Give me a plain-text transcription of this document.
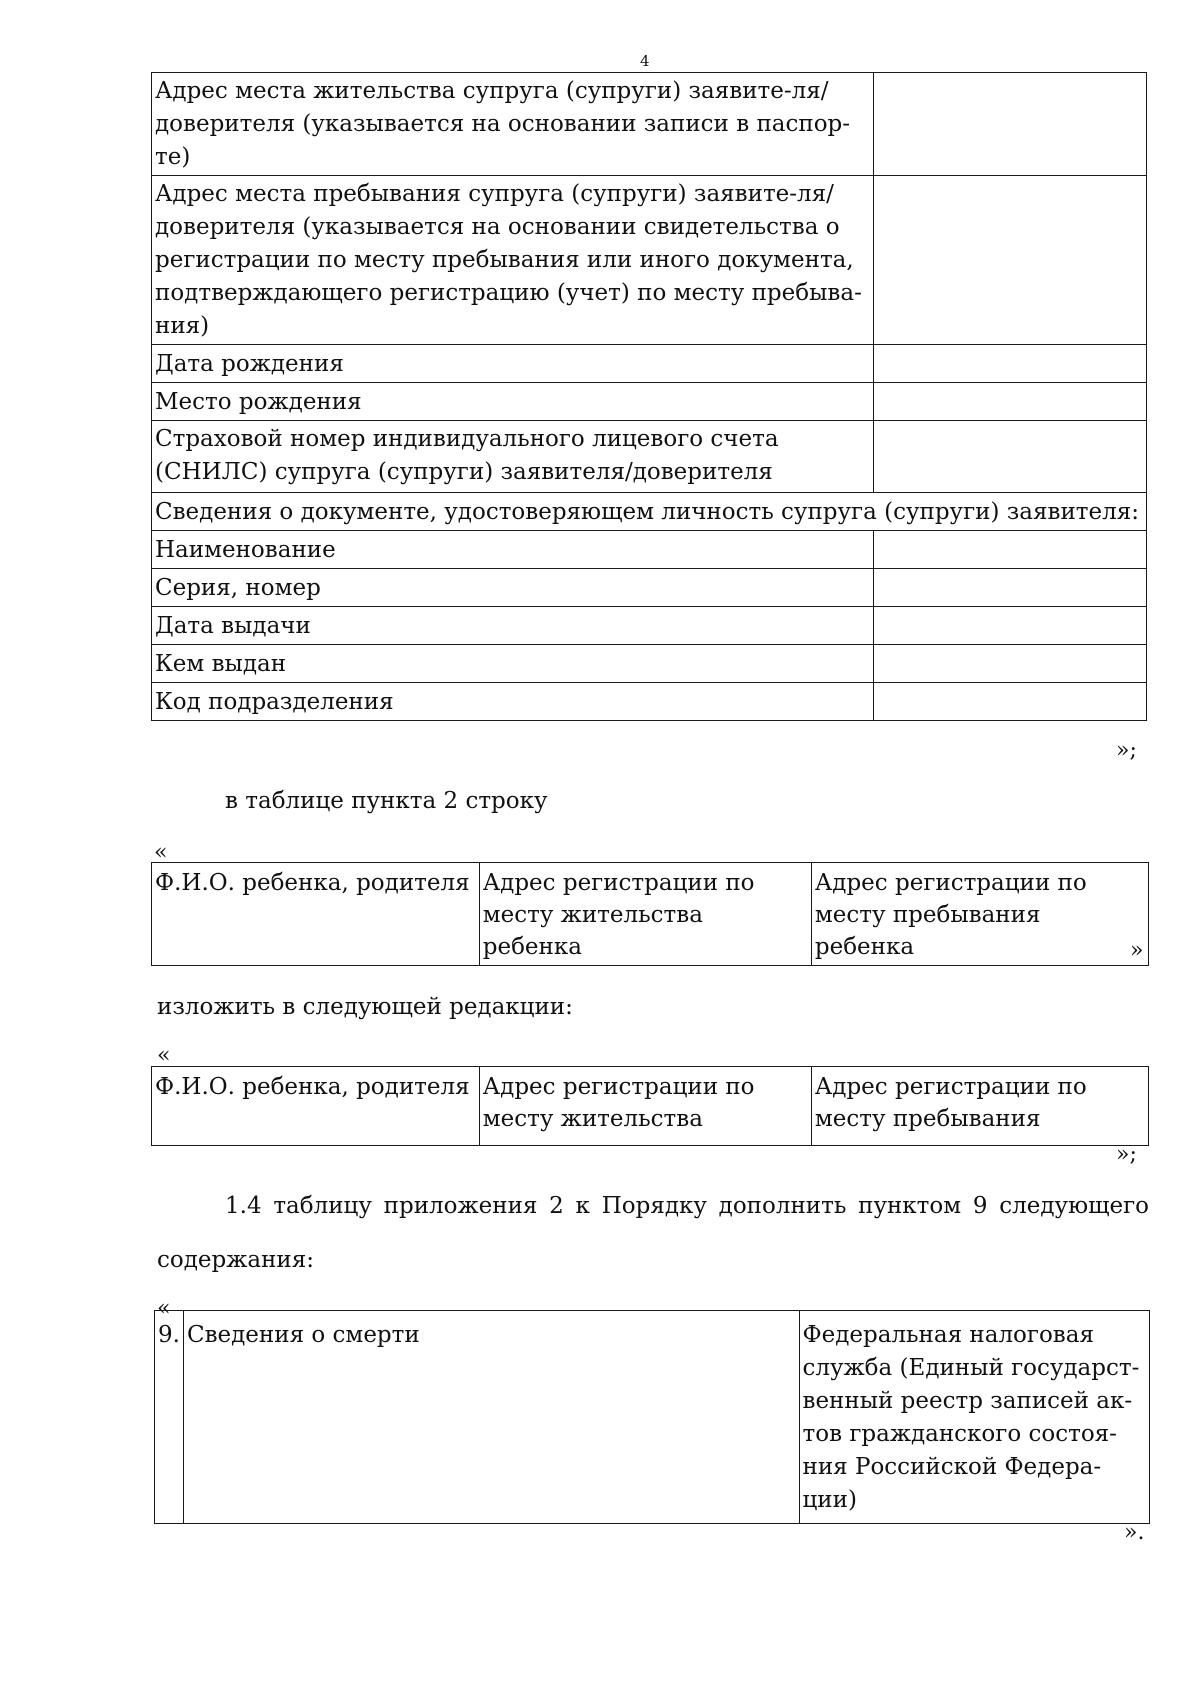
4
Адрес места жительства супруга (супруги) заявите-ля/доверителя (указывается на основании записи в паспор-те)	
Адрес места пребывания супруга (супруги) заявите-ля/доверителя (указывается на основании свидетельства о регистрации по месту пребывания или иного документа, подтверждающего регистрацию (учет) по месту пребыва-ния)	
Дата рождения	
Место рождения	
Страховой номер индивидуального лицевого счета (СНИЛС) супруга (супруги) заявителя/доверителя	
Сведения о документе, удостоверяющем личность супруга (супруги) заявителя:	
Наименование	
Серия, номер	
Дата выдачи	
Кем выдан	
Код подразделения	
»;
в таблице пункта 2 строку
«
Ф.И.О. ребенка, родителя	Адрес регистрации по месту жительства ребенка	Адрес регистрации по месту пребывания ребенка	»
изложить в следующей редакции:
«
Ф.И.О. ребенка, родителя	Адрес регистрации по месту жительства	Адрес регистрации по месту пребывания
»;
1.4 таблицу приложения 2 к Порядку дополнить пунктом 9 следующего
содержания:
«
9.	Сведения о смерти	Федеральная налоговая служба (Единый государст-венный реестр записей ак-тов гражданского состоя-ния Российской Федера-ции)
».
